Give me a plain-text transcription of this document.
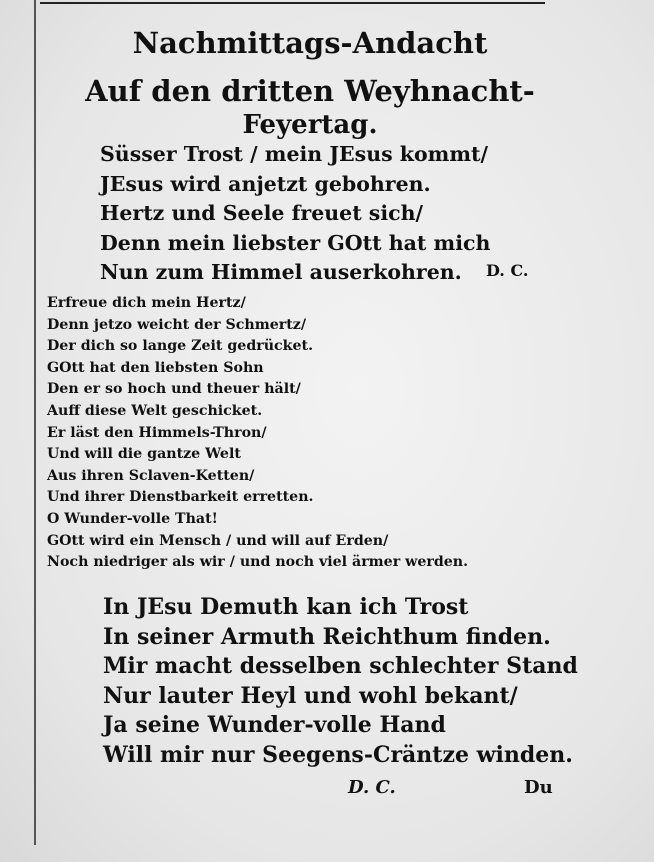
Nachmittags-Andacht
Auf den dritten Weyhnacht-
Feyertag.
Süsser Trost / mein JEsus kommt/
JEsus wird anjetzt gebohren.
Hertz und Seele freuet sich/
Denn mein liebster GOtt hat mich
Nun zum Himmel auserkohren.	D. C.
Erfreue dich mein Hertz/
Denn jetzo weicht der Schmertz/
Der dich so lange Zeit gedrücket.
GOtt hat den liebsten Sohn
Den er so hoch und theuer hält/
Auff diese Welt geschicket.
Er läst den Himmels-Thron/
Und will die gantze Welt
Aus ihren Sclaven-Ketten/
Und ihrer Dienstbarkeit erretten.
O Wunder-volle That!
GOtt wird ein Mensch / und will auf Erden/
Noch niedriger als wir / und noch viel ärmer werden.
In JEsu Demuth kan ich Trost
In seiner Armuth Reichthum finden.
Mir macht desselben schlechter Stand
Nur lauter Heyl und wohl bekant/
Ja seine Wunder-volle Hand
Will mir nur Seegens-Cräntze winden.
D. C.	Du
